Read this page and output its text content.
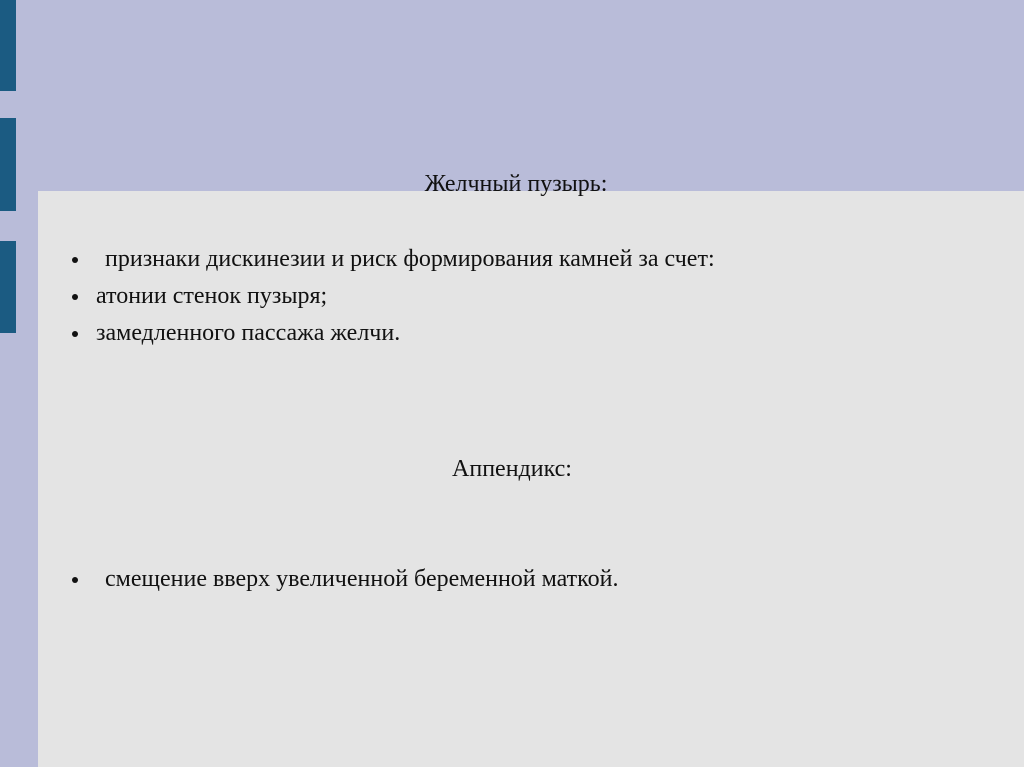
Желчный пузырь:
признаки дискинезии и риск формирования камней за счет:
атонии стенок пузыря;
замедленного пассажа желчи.
Аппендикс:
смещение вверх увеличенной беременной маткой.
